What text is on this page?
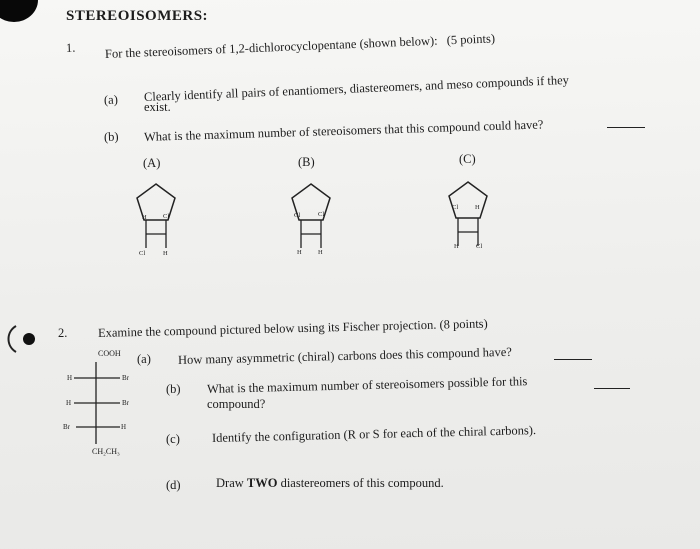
STEREOISOMERS:
1. For the stereoisomers of 1,2-dichlorocyclopentane (shown below): (5 points)
(a) Clearly identify all pairs of enantiomers, diastereomers, and meso compounds if they
exist.
(b) What is the maximum number of stereoisomers that this compound could have?
(A)	(B)	(C)
H	Cl
Cl	H
Cl	Cl
H	H
Cl	H
H	Cl
2. Examine the compound pictured below using its Fischer projection. (8 points)
COOH
H	Br
H	Br
Br	H
CH₂CH₃
(a) How many asymmetric (chiral) carbons does this compound have?
(b) What is the maximum number of stereoisomers possible for this
compound?
(c)	Identify the configuration (R or S for each of the chiral carbons).
(d)	Draw TWO diastereomers of this compound.
